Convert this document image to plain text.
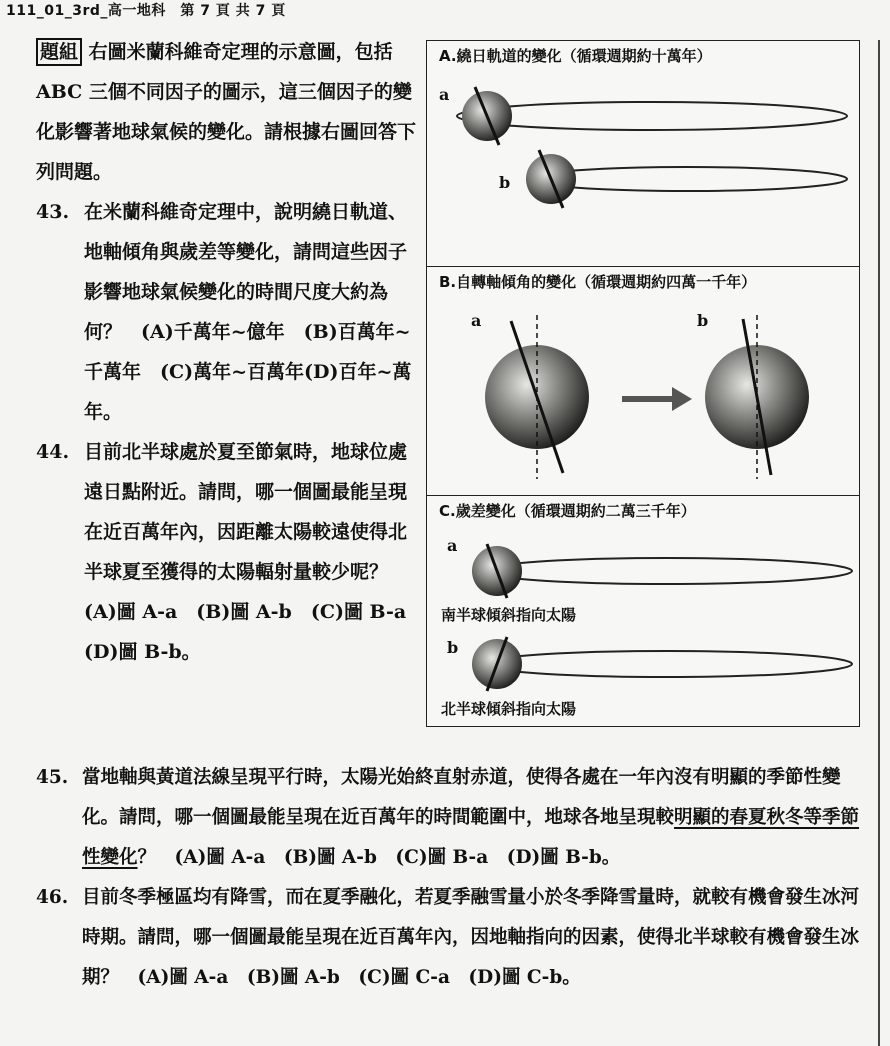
111_01_3rd_高一地科　第 7 頁 共 7 頁

題組 右圖米蘭科維奇定理的示意圖，包括 ABC 三個不同因子的圖示，這三個因子的變化影響著地球氣候的變化。請根據右圖回答下列問題。

43. 在米蘭科維奇定理中，說明繞日軌道、地軸傾角與歲差等變化，請問這些因子影響地球氣候變化的時間尺度大約為何？　(A)千萬年~億年　(B)百萬年~千萬年　(C)萬年~百萬年(D)百年~萬年。
44. 目前北半球處於夏至節氣時，地球位處遠日點附近。請問，哪一個圖最能呈現在近百萬年內，因距離太陽較遠使得北半球夏至獲得的太陽輻射量較少呢？　(A)圖 A-a　(B)圖 A-b　(C)圖 B-a　(D)圖 B-b。
A.繞日軌道的變化（循環週期約十萬年）
a
b
B.自轉軸傾角的變化（循環週期約四萬一千年）
a	b
C.歲差變化（循環週期約二萬三千年）
a
南半球傾斜指向太陽
b
北半球傾斜指向太陽
45. 當地軸與黃道法線呈現平行時，太陽光始終直射赤道，使得各處在一年內沒有明顯的季節性變化。請問，哪一個圖最能呈現在近百萬年的時間範圍中，地球各地呈現較明顯的春夏秋冬等季節性變化？　(A)圖 A-a　(B)圖 A-b　(C)圖 B-a　(D)圖 B-b。
46. 目前冬季極區均有降雪，而在夏季融化，若夏季融雪量小於冬季降雪量時，就較有機會發生冰河時期。請問，哪一個圖最能呈現在近百萬年內，因地軸指向的因素，使得北半球較有機會發生冰期？　(A)圖 A-a　(B)圖 A-b　(C)圖 C-a　(D)圖 C-b。
